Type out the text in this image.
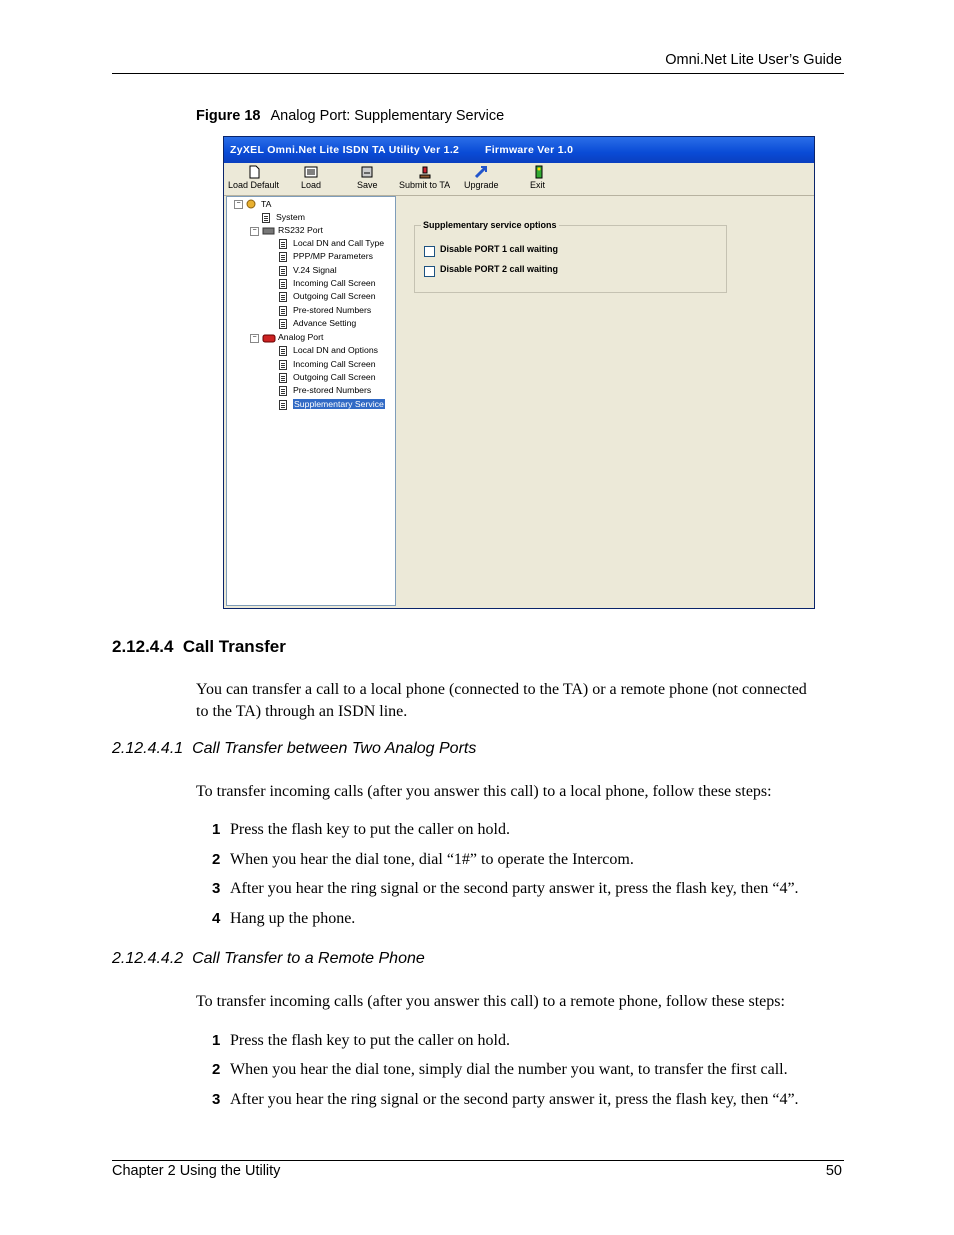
Omni.Net Lite User’s Guide
Figure 18 Analog Port: Supplementary Service
ZyXEL Omni.Net Lite ISDN TA Utility Ver 1.2 Firmware Ver 1.0
Load Default Load	Save Submit to TA Upgrade	Exit
−	TA
System
−	RS232 Port
Local DN and Call Type
PPP/MP Parameters
V.24 Signal
Incoming Call Screen
Outgoing Call Screen
Pre-stored Numbers
Advance Setting
−	Analog Port
Local DN and Options
Incoming Call Screen
Outgoing Call Screen
Pre-stored Numbers
Supplementary Service
Supplementary service options
Disable PORT 1 call waiting
Disable PORT 2 call waiting
2.12.4.4  Call Transfer
You can transfer a call to a local phone (connected to the TA) or a remote phone (not connected to the TA) through an ISDN line.
2.12.4.4.1  Call Transfer between Two Analog Ports
To transfer incoming calls (after you answer this call) to a local phone, follow these steps:
1 Press the flash key to put the caller on hold.
2 When you hear the dial tone, dial “1#” to operate the Intercom.
3 After you hear the ring signal or the second party answer it, press the flash key, then “4”.
4 Hang up the phone.
2.12.4.4.2  Call Transfer to a Remote Phone
To transfer incoming calls (after you answer this call) to a remote phone, follow these steps:
1 Press the flash key to put the caller on hold.
2 When you hear the dial tone, simply dial the number you want, to transfer the first call.
3 After you hear the ring signal or the second party answer it, press the flash key, then “4”.
Chapter 2 Using the Utility	50
